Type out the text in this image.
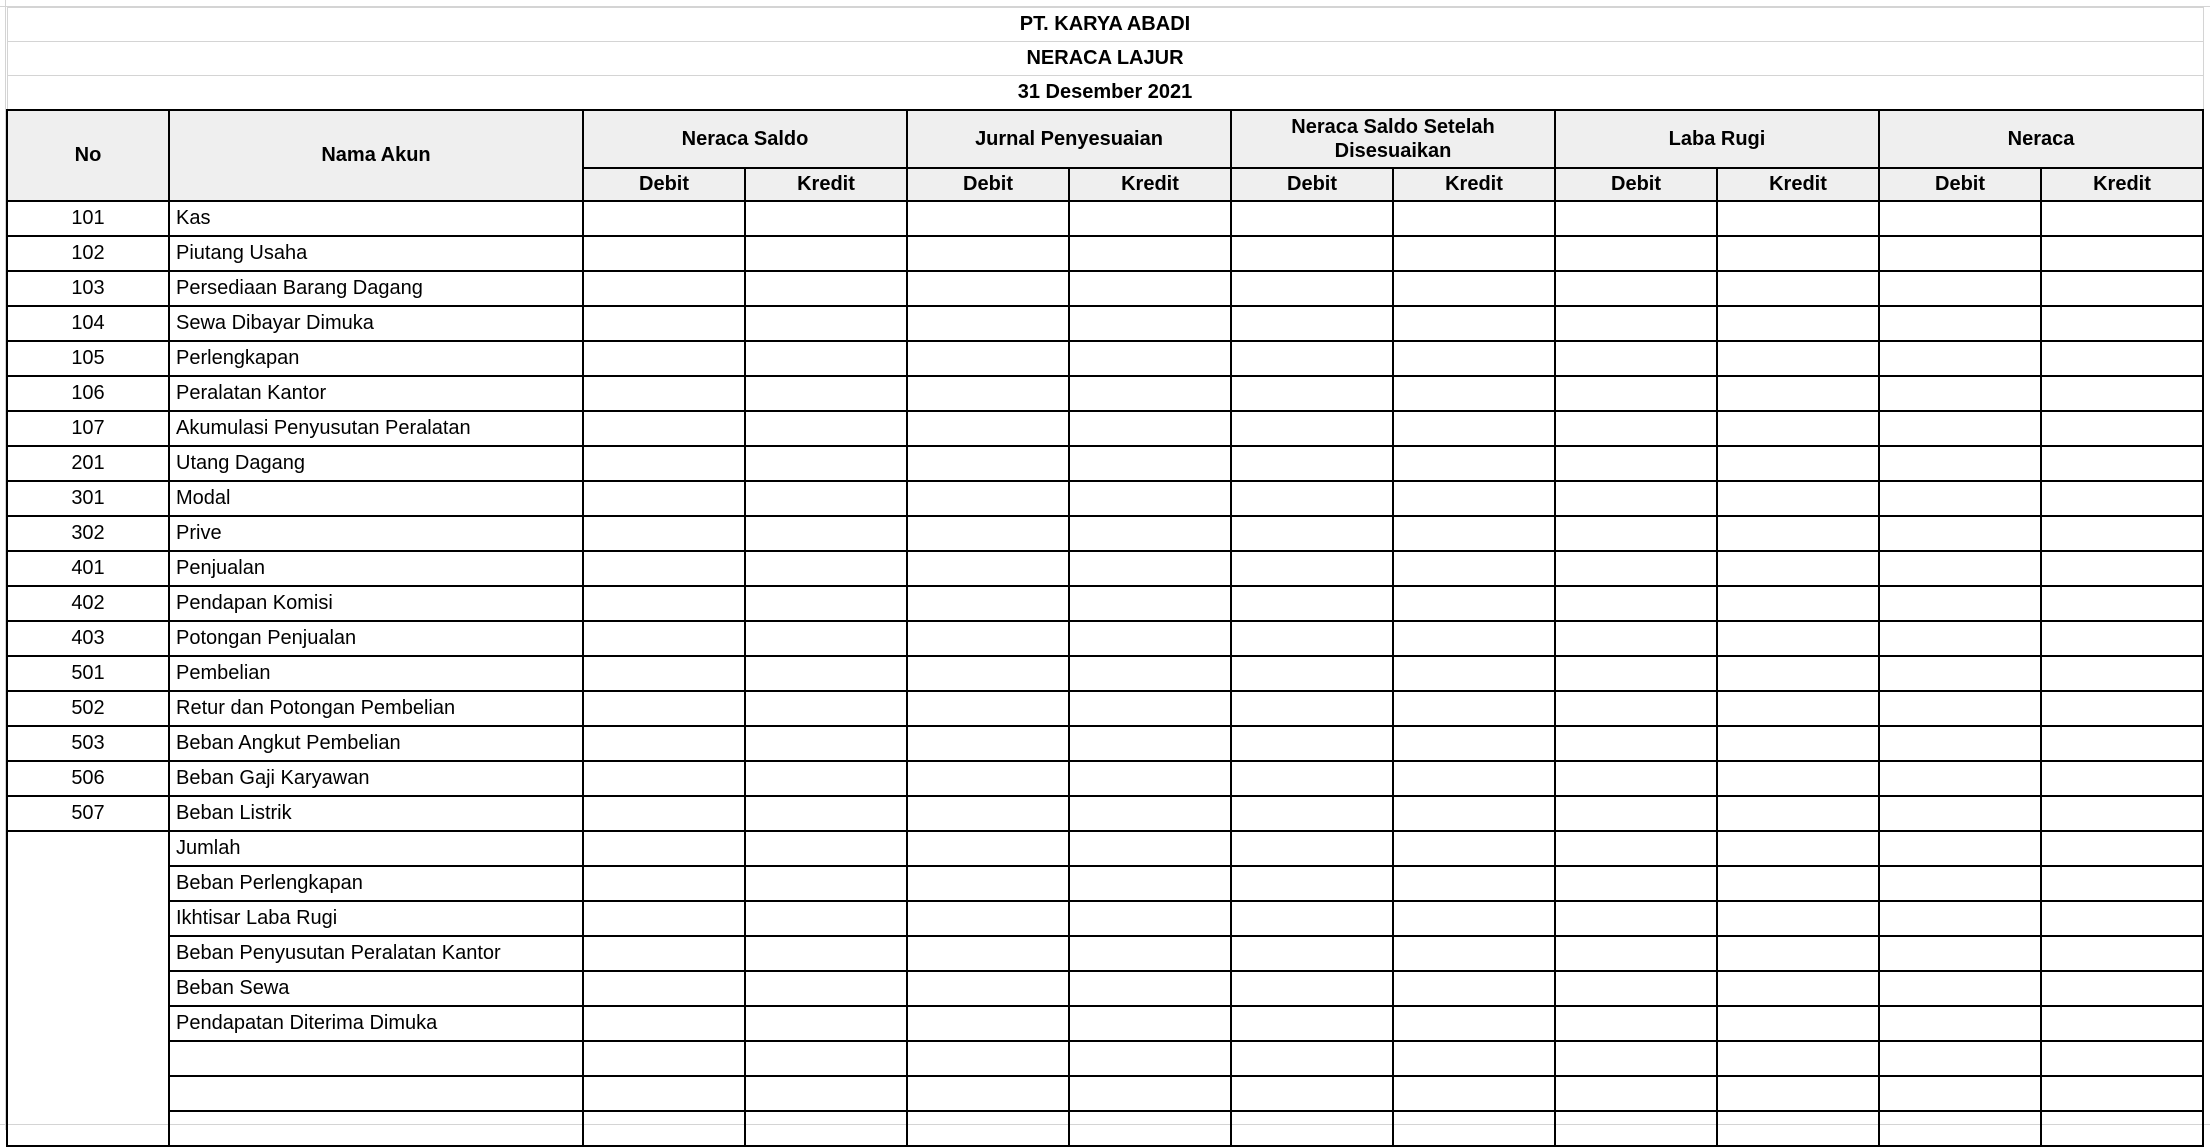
PT. KARYA ABADI											
NERACA LAJUR											
31 Desember 2021											
No	Nama Akun	Neraca Saldo		Jurnal Penyesuaian		Neraca Saldo Setelah Disesuaikan		Laba Rugi		Neraca	
		Debit	Kredit	Debit	Kredit	Debit	Kredit	Debit	Kredit	Debit	Kredit
101	Kas										
102	Piutang Usaha										
103	Persediaan Barang Dagang										
104	Sewa Dibayar Dimuka										
105	Perlengkapan										
106	Peralatan Kantor										
107	Akumulasi Penyusutan Peralatan										
201	Utang Dagang										
301	Modal										
302	Prive										
401	Penjualan										
402	Pendapan Komisi										
403	Potongan Penjualan										
501	Pembelian										
502	Retur dan Potongan Pembelian										
503	Beban Angkut Pembelian										
506	Beban Gaji Karyawan										
507	Beban Listrik										
	Jumlah										
	Beban Perlengkapan										
	Ikhtisar Laba Rugi										
	Beban Penyusutan Peralatan Kantor										
	Beban Sewa										
	Pendapatan Diterima Dimuka										
